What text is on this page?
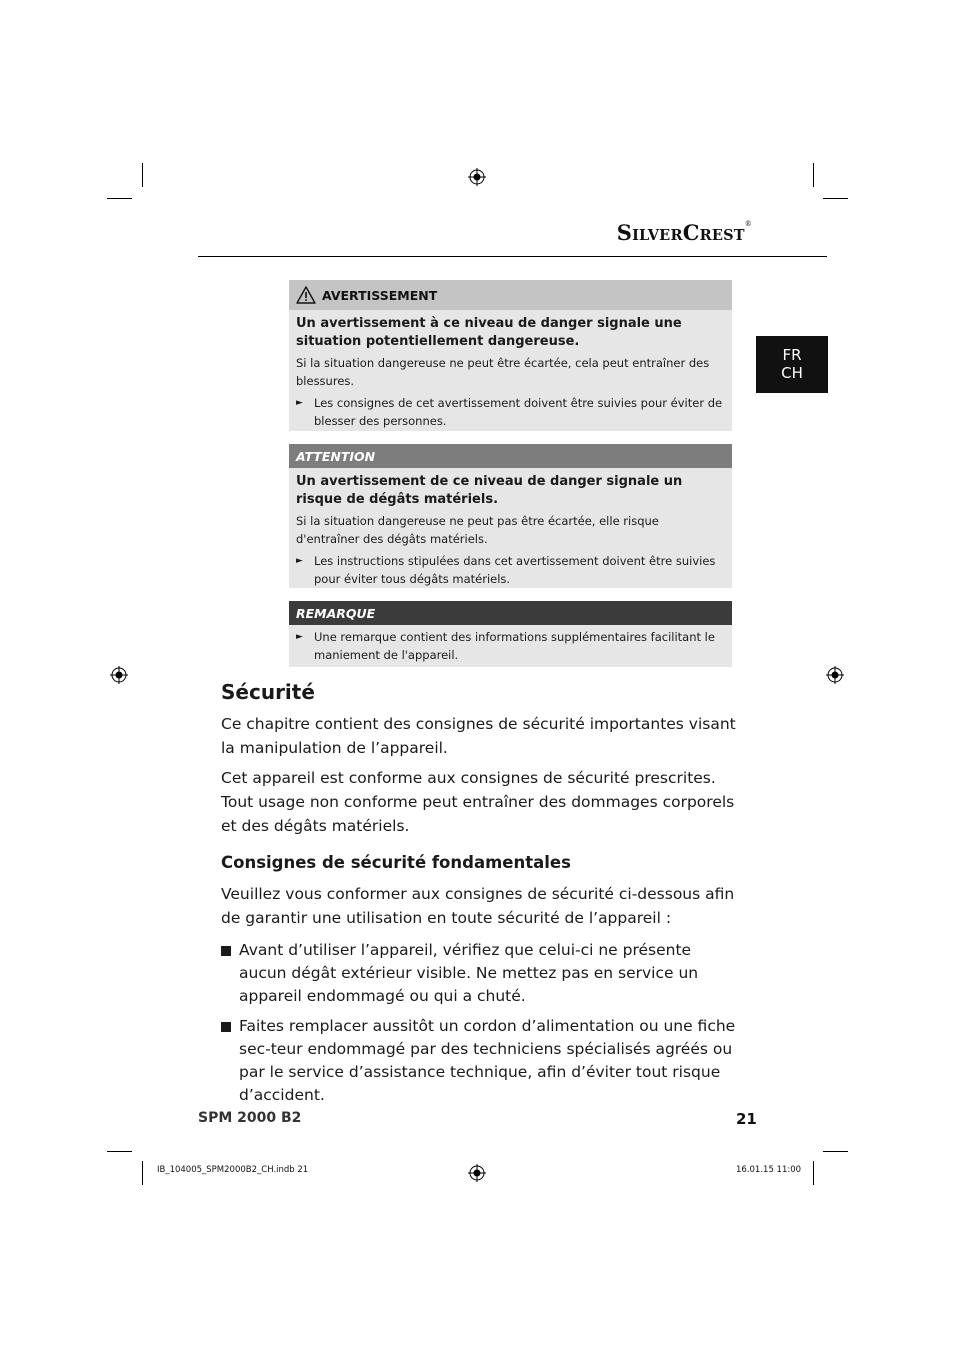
SILVERCREST®
FR
CH
AVERTISSEMENT

Un avertissement à ce niveau de danger signale une situation potentiellement dangereuse.

Si la situation dangereuse ne peut être écartée, cela peut entraîner des blessures.

► Les consignes de cet avertissement doivent être suivies pour éviter de blesser des personnes.
ATTENTION

Un avertissement de ce niveau de danger signale un risque de dégâts matériels.

Si la situation dangereuse ne peut pas être écartée, elle risque d'entraîner des dégâts matériels.

► Les instructions stipulées dans cet avertissement doivent être suivies pour éviter tous dégâts matériels.
REMARQUE
► Une remarque contient des informations supplémentaires facilitant le maniement de l'appareil.
Sécurité
Ce chapitre contient des consignes de sécurité importantes visant la manipulation de l’appareil.
Cet appareil est conforme aux consignes de sécurité prescrites. Tout usage non conforme peut entraîner des dommages corporels et des dégâts matériels.
Consignes de sécurité fondamentales
Veuillez vous conformer aux consignes de sécurité ci-dessous afin de garantir une utilisation en toute sécurité de l’appareil :
Avant d’utiliser l’appareil, vérifiez que celui-ci ne présente aucun dégât extérieur visible. Ne mettez pas en service un appareil endommagé ou qui a chuté.
Faites remplacer aussitôt un cordon d’alimentation ou une fiche sec-teur endommagé par des techniciens spécialisés agréés ou par le service d’assistance technique, afin d’éviter tout risque d’accident.
SPM 2000 B2	21
IB_104005_SPM2000B2_CH.indb 21	16.01.15 11:00
